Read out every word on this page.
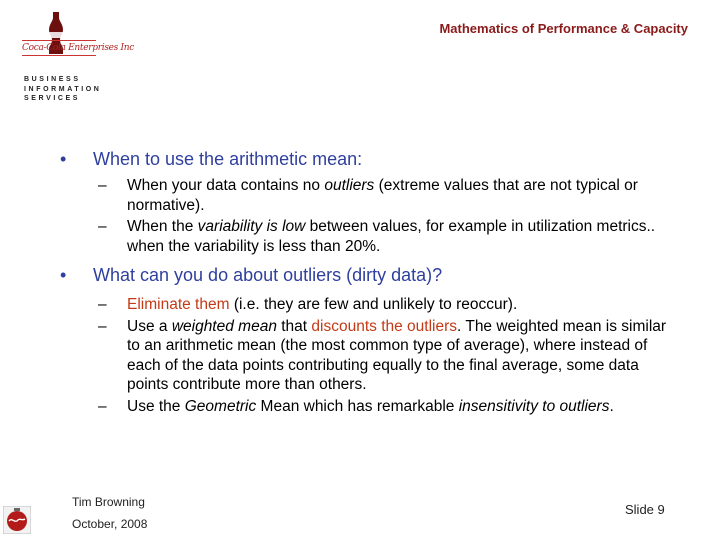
Mathematics of Performance & Capacity
Coca-Cola Enterprises Inc
BUSINESS
INFORMATION
SERVICES
• When to use the arithmetic mean:
– When your data contains no outliers (extreme values that are not typical or normative).
– When the variability is low between values, for example in utilization metrics.. when the variability is less than 20%.
• What can you do about outliers (dirty data)?
– Eliminate them (i.e. they are few and unlikely to reoccur).
– Use a weighted mean that discounts the outliers. The weighted mean is similar to an arithmetic mean (the most common type of average), where instead of each of the data points contributing equally to the final average, some data points contribute more than others.
– Use the Geometric Mean which has remarkable insensitivity to outliers.
Tim Browning
October, 2008
Slide 9
